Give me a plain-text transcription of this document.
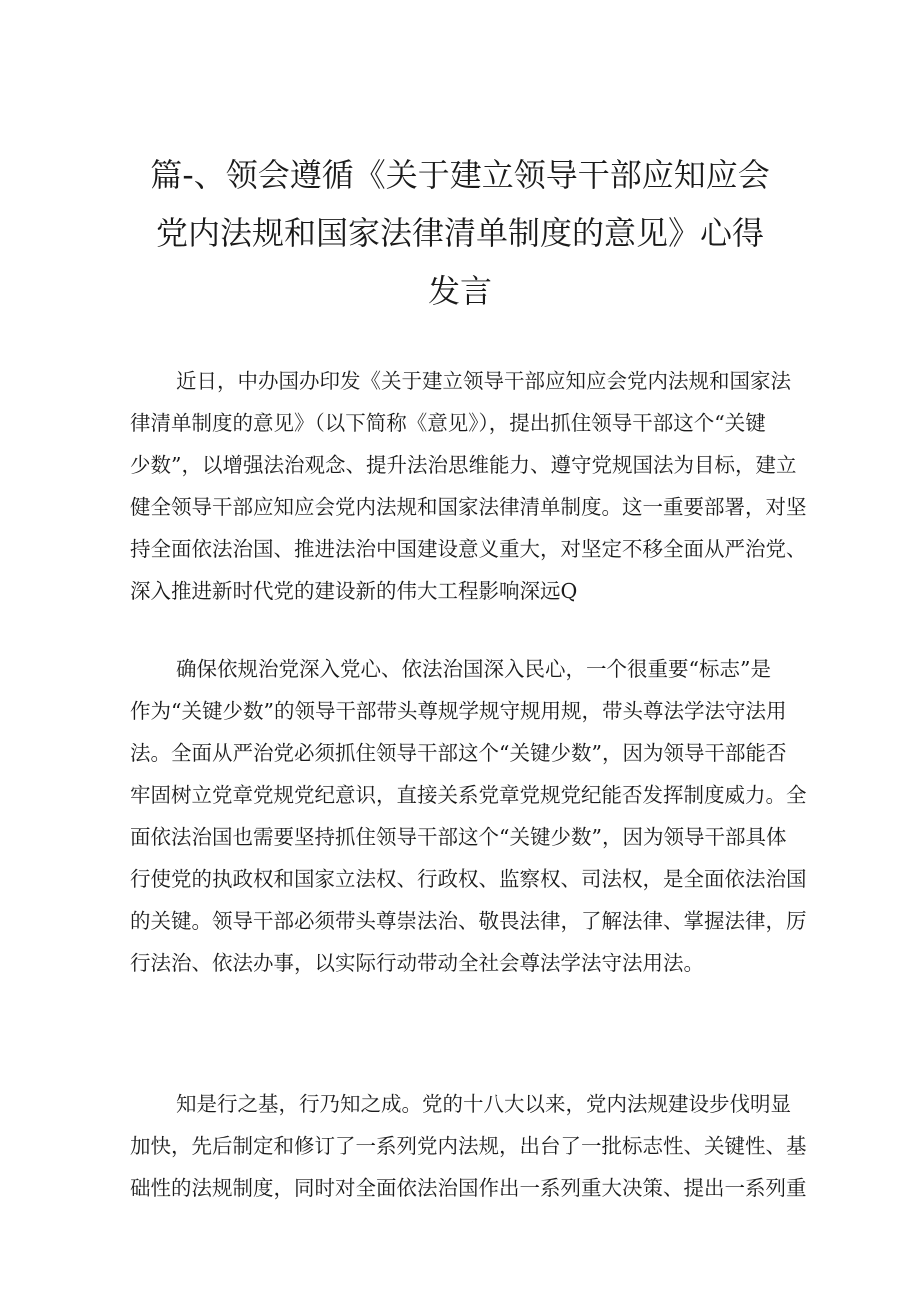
篇-、领会遵循《关于建立领导干部应知应会
党内法规和国家法律清单制度的意见》心得
发言
近日，中办国办印发《关于建立领导干部应知应会党内法规和国家法
律清单制度的意见》（以下简称《意见》），提出抓住领导干部这个“关键
少数”，以增强法治观念、提升法治思维能力、遵守党规国法为目标，建立
健全领导干部应知应会党内法规和国家法律清单制度。这一重要部署，对坚
持全面依法治国、推进法治中国建设意义重大，对坚定不移全面从严治党、
深入推进新时代党的建设新的伟大工程影响深远Q
确保依规治党深入党心、依法治国深入民心，一个很重要“标志”是
作为“关键少数”的领导干部带头尊规学规守规用规，带头尊法学法守法用
法。全面从严治党必须抓住领导干部这个“关键少数”，因为领导干部能否
牢固树立党章党规党纪意识，直接关系党章党规党纪能否发挥制度威力。全
面依法治国也需要坚持抓住领导干部这个“关键少数”，因为领导干部具体
行使党的执政权和国家立法权、行政权、监察权、司法权，是全面依法治国
的关键。领导干部必须带头尊崇法治、敬畏法律，了解法律、掌握法律，厉
行法治、依法办事，以实际行动带动全社会尊法学法守法用法。
知是行之基，行乃知之成。党的十八大以来，党内法规建设步伐明显
加快，先后制定和修订了一系列党内法规，出台了一批标志性、关键性、基
础性的法规制度，同时对全面依法治国作出一系列重大决策、提出一系列重
